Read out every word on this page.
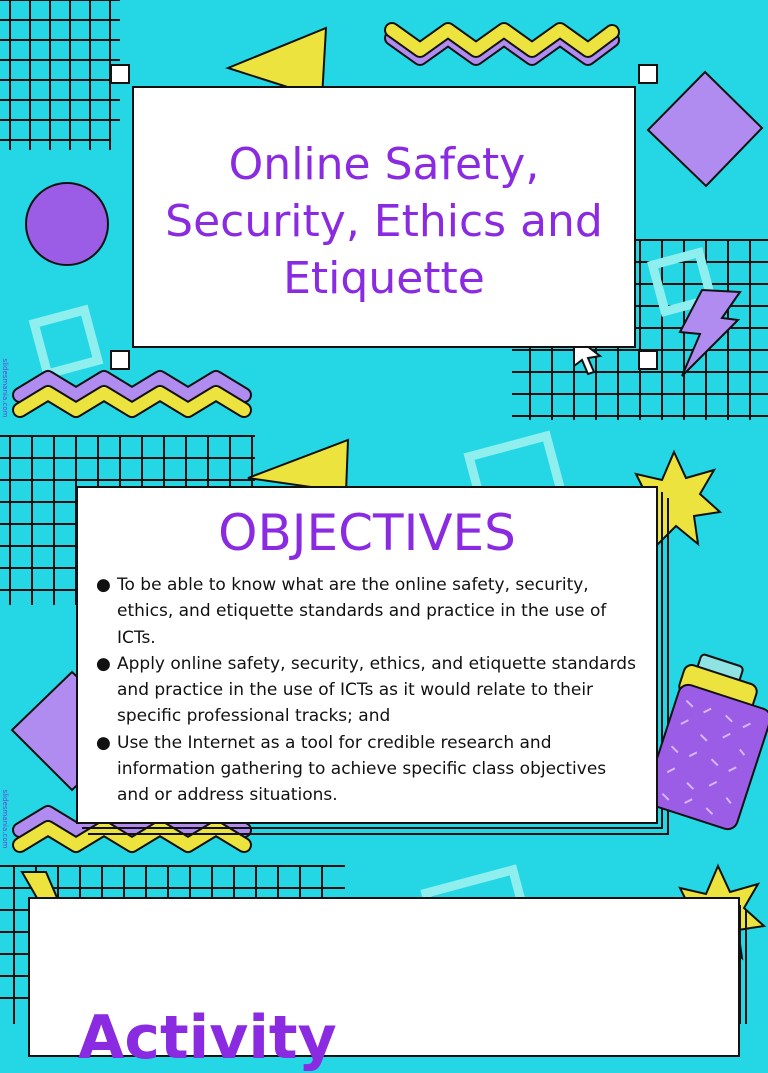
Online Safety, Security, Ethics and Etiquette
OBJECTIVES
● To be able to know what are the online safety, security, ethics, and etiquette standards and practice in the use of ICTs.
● Apply online safety, security, ethics, and etiquette standards and practice in the use of ICTs as it would relate to their specific professional tracks; and
● Use the Internet as a tool for credible research and information gathering to achieve specific class objectives and or address situations.
Activity
slidesmania.com
slidesmania.com
